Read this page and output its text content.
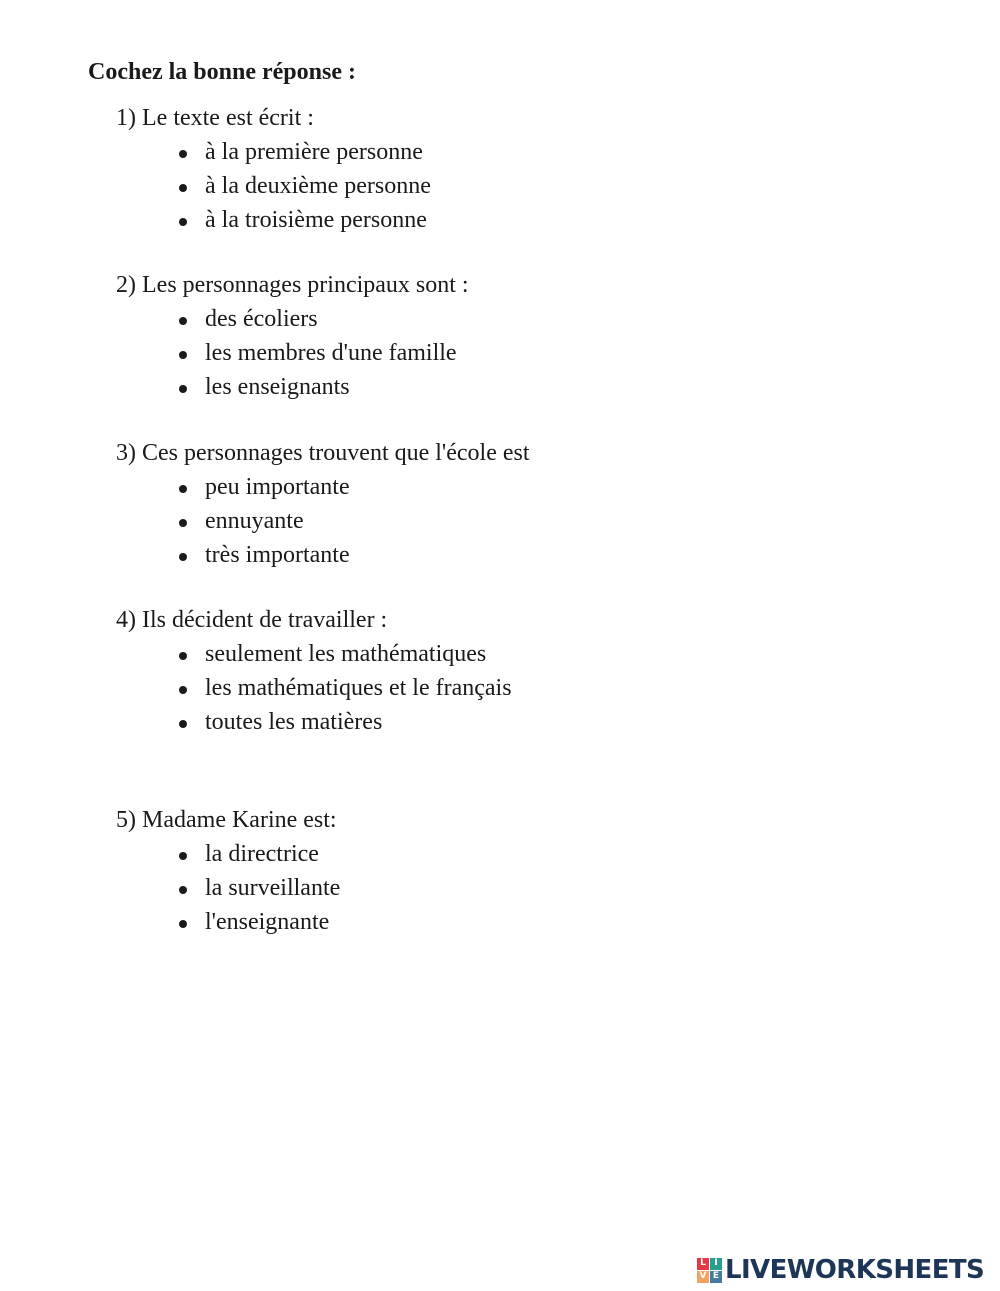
Cochez la bonne réponse :
1) Le texte est écrit :
à la première personne
à la deuxième personne
à la troisième personne
2) Les personnages principaux sont :
des écoliers
les membres d'une famille
les enseignants
3) Ces personnages trouvent que l'école est
peu importante
ennuyante
très importante
4) Ils décident de travailler :
seulement les mathématiques
les mathématiques et le français
toutes les matières
5) Madame Karine est:
la directrice
la surveillante
l'enseignante
L I
V E LIVEWORKSHEETS
